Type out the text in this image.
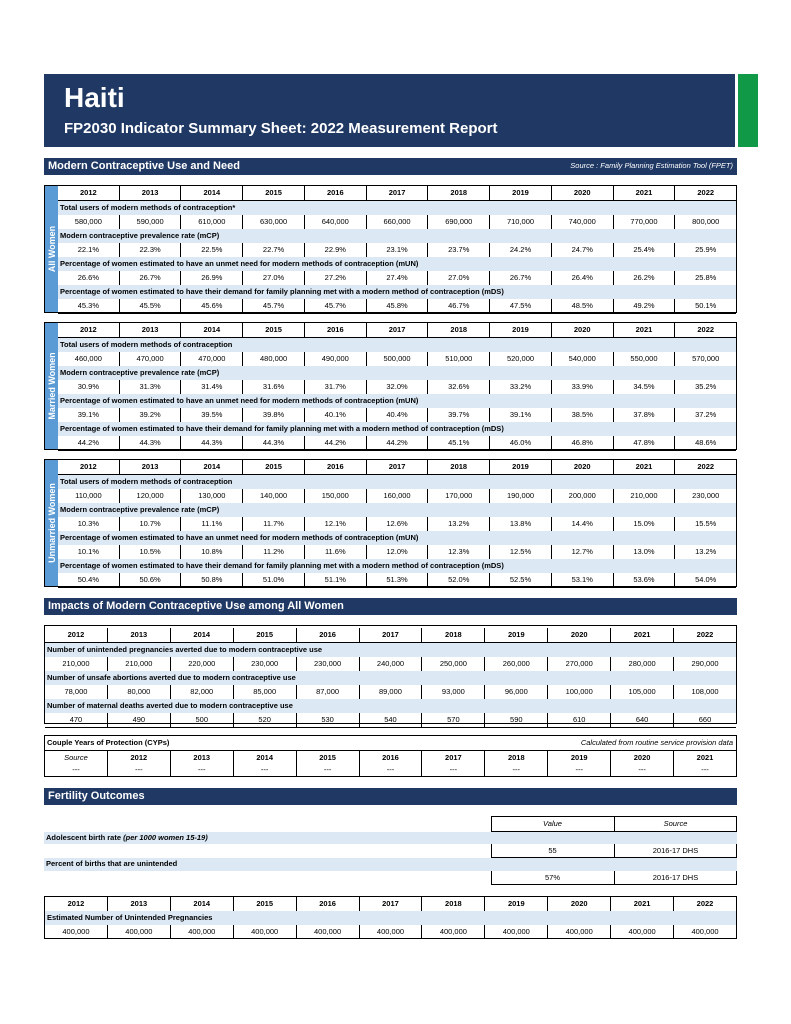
Haiti
FP2030 Indicator Summary Sheet: 2022 Measurement Report
Modern Contraceptive Use and Need	Source : Family Planning Estimation Tool (FPET)
All Women
2012	2013	2014	2015	2016	2017	2018	2019	2020	2021	2022
Total users of modern methods of contraception*
580,000	590,000	610,000	630,000	640,000	660,000	690,000	710,000	740,000	770,000	800,000
Modern contraceptive prevalence rate (mCP)
22.1%	22.3%	22.5%	22.7%	22.9%	23.1%	23.7%	24.2%	24.7%	25.4%	25.9%
Percentage of women estimated to have an unmet need for modern methods of contraception (mUN)
26.6%	26.7%	26.9%	27.0%	27.2%	27.4%	27.0%	26.7%	26.4%	26.2%	25.8%
Percentage of women estimated to have their demand for family planning met with a modern method of contraception (mDS)
45.3%	45.5%	45.6%	45.7%	45.7%	45.8%	46.7%	47.5%	48.5%	49.2%	50.1%
Married Women
2012	2013	2014	2015	2016	2017	2018	2019	2020	2021	2022
Total users of modern methods of contraception
460,000	470,000	470,000	480,000	490,000	500,000	510,000	520,000	540,000	550,000	570,000
Modern contraceptive prevalence rate (mCP)
30.9%	31.3%	31.4%	31.6%	31.7%	32.0%	32.6%	33.2%	33.9%	34.5%	35.2%
Percentage of women estimated to have an unmet need for modern methods of contraception (mUN)
39.1%	39.2%	39.5%	39.8%	40.1%	40.4%	39.7%	39.1%	38.5%	37.8%	37.2%
Percentage of women estimated to have their demand for family planning met with a modern method of contraception (mDS)
44.2%	44.3%	44.3%	44.3%	44.2%	44.2%	45.1%	46.0%	46.8%	47.8%	48.6%
Unmarried Women
2012	2013	2014	2015	2016	2017	2018	2019	2020	2021	2022
Total users of modern methods of contraception
110,000	120,000	130,000	140,000	150,000	160,000	170,000	190,000	200,000	210,000	230,000
Modern contraceptive prevalence rate (mCP)
10.3%	10.7%	11.1%	11.7%	12.1%	12.6%	13.2%	13.8%	14.4%	15.0%	15.5%
Percentage of women estimated to have an unmet need for modern methods of contraception (mUN)
10.1%	10.5%	10.8%	11.2%	11.6%	12.0%	12.3%	12.5%	12.7%	13.0%	13.2%
Percentage of women estimated to have their demand for family planning met with a modern method of contraception (mDS)
50.4%	50.6%	50.8%	51.0%	51.1%	51.3%	52.0%	52.5%	53.1%	53.6%	54.0%
Impacts of Modern Contraceptive Use among All Women
2012	2013	2014	2015	2016	2017	2018	2019	2020	2021	2022
Number of unintended pregnancies averted due to modern contraceptive use
210,000	210,000	220,000	230,000	230,000	240,000	250,000	260,000	270,000	280,000	290,000
Number of unsafe abortions averted due to modern contraceptive use
78,000	80,000	82,000	85,000	87,000	89,000	93,000	96,000	100,000	105,000	108,000
Number of maternal deaths averted due to modern contraceptive use
470	490	500	520	530	540	570	590	610	640	660
Couple Years of Protection (CYPs)	Calculated from routine service provision data
Source	2012	2013	2014	2015	2016	2017	2018	2019	2020	2021
---	---	---	---	---	---	---	---	---	---	---
Fertility Outcomes
Value	Source
Adolescent birth rate (per 1000 women 15-19)
55	2016-17 DHS
Percent of births that are unintended
57%	2016-17 DHS
2012	2013	2014	2015	2016	2017	2018	2019	2020	2021	2022
Estimated Number of Unintended Pregnancies
400,000	400,000	400,000	400,000	400,000	400,000	400,000	400,000	400,000	400,000	400,000
